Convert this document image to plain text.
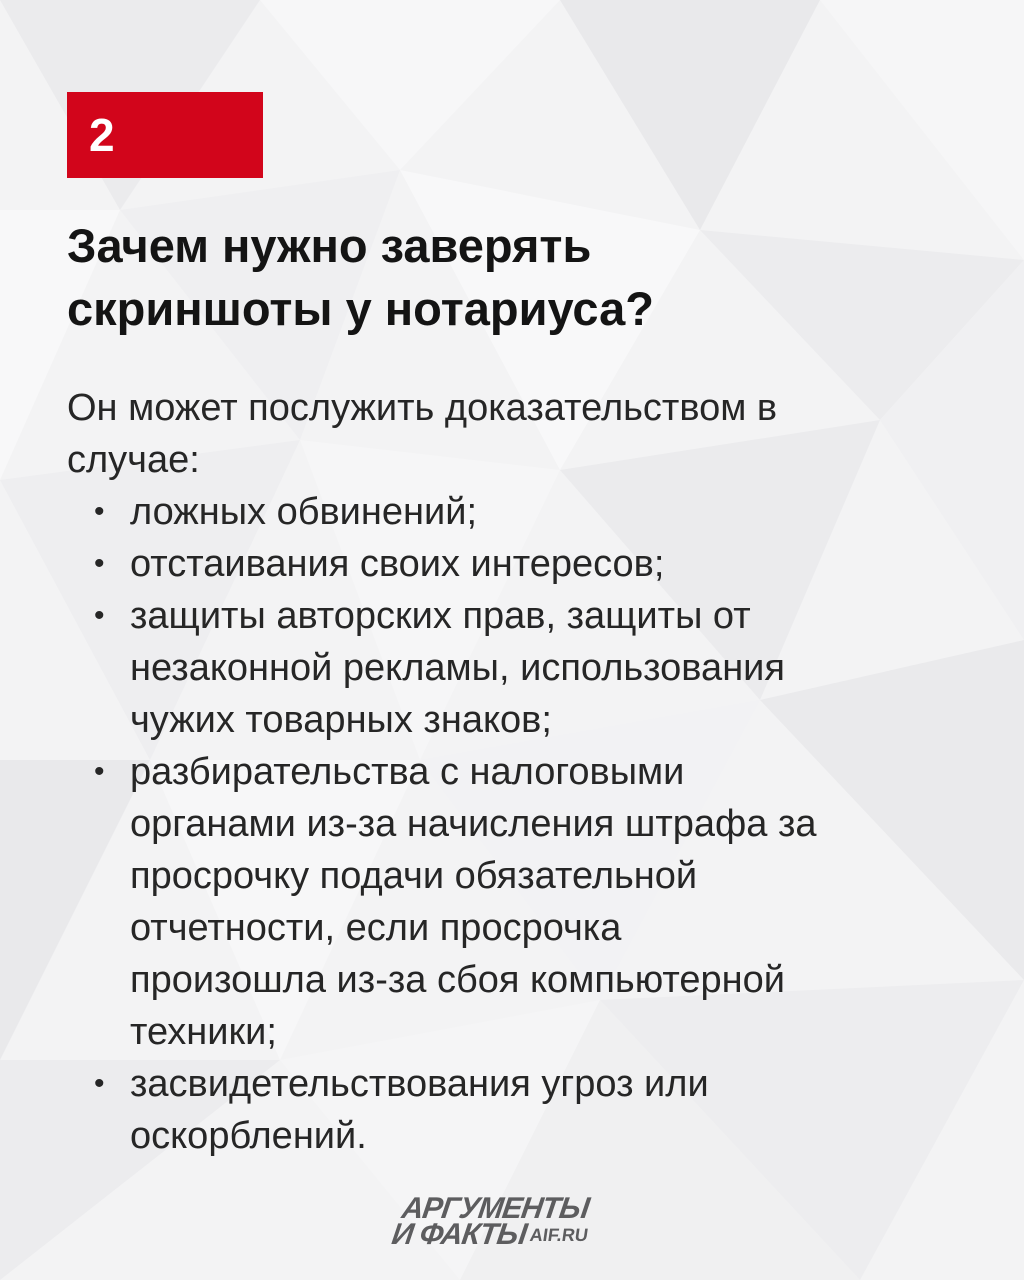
2
Зачем нужно заверять
скриншоты у нотариуса?
Он может послужить доказательством в
случае:
• ложных обвинений;
• отстаивания своих интересов;
• защиты авторских прав, защиты от
незаконной рекламы, использования
чужих товарных знаков;
• разбирательства с налоговыми
органами из-за начисления штрафа за
просрочку подачи обязательной
отчетности, если просрочка
произошла из-за сбоя компьютерной
техники;
• засвидетельствования угроз или
оскорблений.
АРГУМЕНТЫ
И ФАКТЫAIF.RU
